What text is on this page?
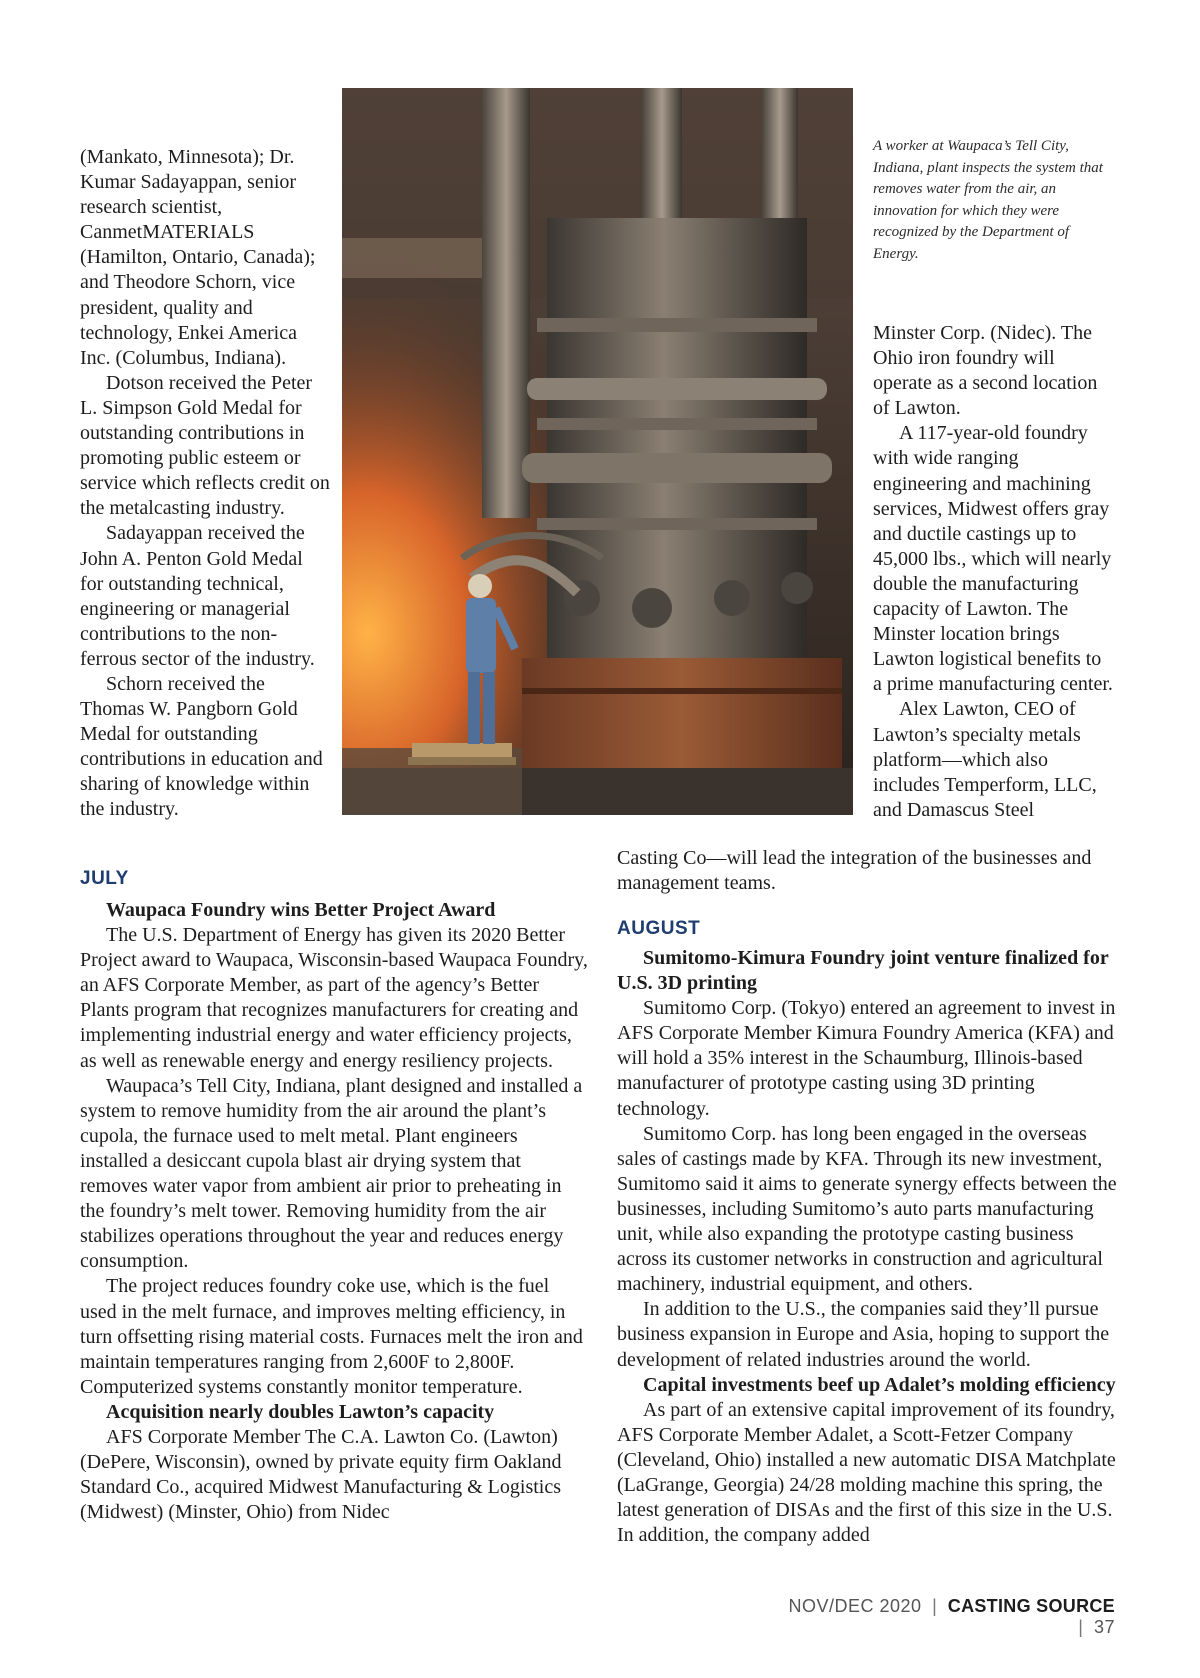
(Mankato, Minnesota); Dr. Kumar Sadayappan, senior research scientist, CanmetMATERIALS (Hamilton, Ontario, Canada); and Theodore Schorn, vice president, quality and technology, Enkei America Inc. (Columbus, Indiana).

Dotson received the Peter L. Simpson Gold Medal for outstanding contributions in promoting public esteem or service which reflects credit on the metalcasting industry.

Sadayappan received the John A. Penton Gold Medal for outstanding technical, engineering or managerial contributions to the non-ferrous sector of the industry.

Schorn received the Thomas W. Pangborn Gold Medal for outstanding contributions in education and sharing of knowledge within the industry.

A worker at Waupaca’s Tell City, Indiana, plant inspects the system that removes water from the air, an innovation for which they were recognized by the Department of Energy.

Minster Corp. (Nidec). The Ohio iron foundry will operate as a second location of Lawton.

A 117-year-old foundry with wide ranging engineering and machining services, Midwest offers gray and ductile castings up to 45,000 lbs., which will nearly double the manufacturing capacity of Lawton. The Minster location brings Lawton logistical benefits to a prime manufacturing center.

Alex Lawton, CEO of Lawton’s specialty metals platform—which also includes Temperform, LLC, and Damascus Steel

Casting Co—will lead the integration of the businesses and management teams.

JULY

Waupaca Foundry wins Better Project Award

The U.S. Department of Energy has given its 2020 Better Project award to Waupaca, Wisconsin-based Waupaca Foundry, an AFS Corporate Member, as part of the agency’s Better Plants program that recognizes manufacturers for creating and implementing industrial energy and water efficiency projects, as well as renewable energy and energy resiliency projects.

Waupaca’s Tell City, Indiana, plant designed and installed a system to remove humidity from the air around the plant’s cupola, the furnace used to melt metal. Plant engineers installed a desiccant cupola blast air drying system that removes water vapor from ambient air prior to preheating in the foundry’s melt tower. Removing humidity from the air stabilizes operations throughout the year and reduces energy consumption.

The project reduces foundry coke use, which is the fuel used in the melt furnace, and improves melting efficiency, in turn offsetting rising material costs. Furnaces melt the iron and maintain temperatures ranging from 2,600F to 2,800F. Computerized systems constantly monitor temperature.

Acquisition nearly doubles Lawton’s capacity

AFS Corporate Member The C.A. Lawton Co. (Lawton) (DePere, Wisconsin), owned by private equity firm Oakland Standard Co., acquired Midwest Manufacturing & Logistics (Midwest) (Minster, Ohio) from Nidec

AUGUST

Sumitomo-Kimura Foundry joint venture finalized for U.S. 3D printing

Sumitomo Corp. (Tokyo) entered an agreement to invest in AFS Corporate Member Kimura Foundry America (KFA) and will hold a 35% interest in the Schaumburg, Illinois-based manufacturer of prototype casting using 3D printing technology.

Sumitomo Corp. has long been engaged in the overseas sales of castings made by KFA. Through its new investment, Sumitomo said it aims to generate synergy effects between the businesses, including Sumitomo’s auto parts manufacturing unit, while also expanding the prototype casting business across its customer networks in construction and agricultural machinery, industrial equipment, and others.

In addition to the U.S., the companies said they’ll pursue business expansion in Europe and Asia, hoping to support the development of related industries around the world.

Capital investments beef up Adalet’s molding efficiency

As part of an extensive capital improvement of its foundry, AFS Corporate Member Adalet, a Scott-Fetzer Company (Cleveland, Ohio) installed a new automatic DISA Matchplate (LaGrange, Georgia) 24/28 molding machine this spring, the latest generation of DISAs and the first of this size in the U.S. In addition, the company added

NOV/DEC 2020 | CASTING SOURCE | 37
